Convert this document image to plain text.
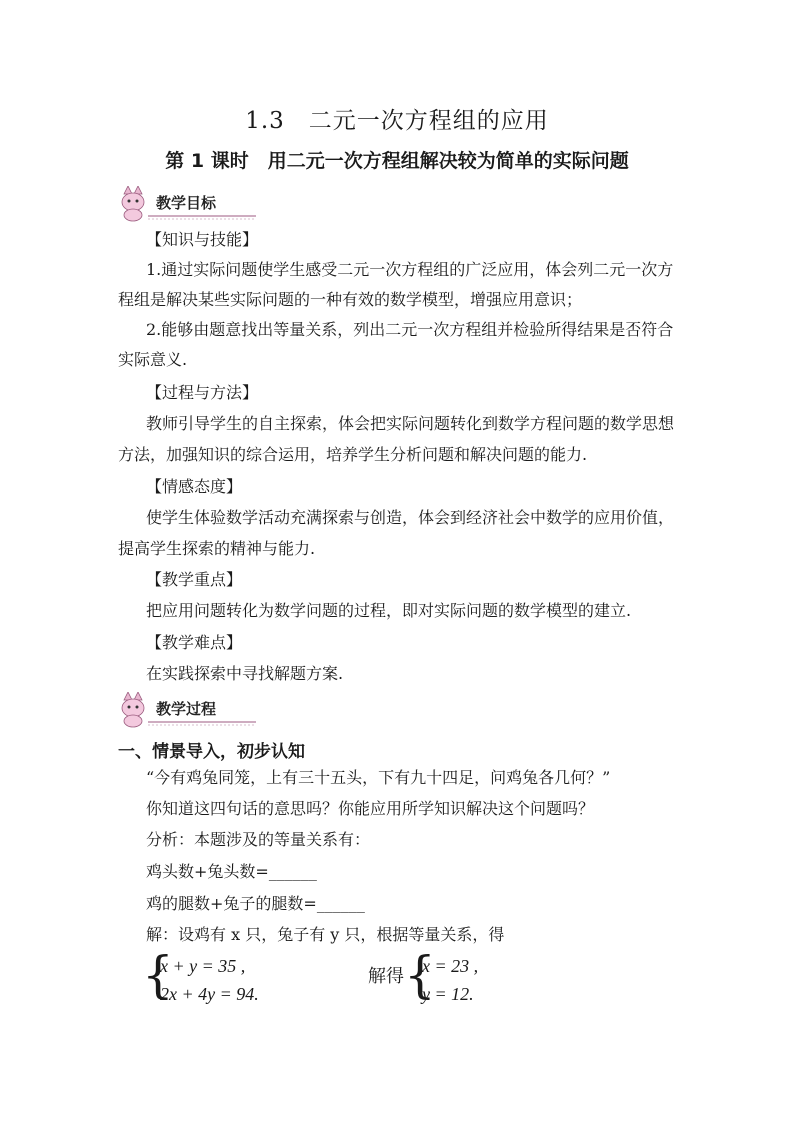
1.3　二元一次方程组的应用
第 1 课时　用二元一次方程组解决较为简单的实际问题
教学目标
【知识与技能】
1.通过实际问题使学生感受二元一次方程组的广泛应用，体会列二元一次方
程组是解决某些实际问题的一种有效的数学模型，增强应用意识；
2.能够由题意找出等量关系，列出二元一次方程组并检验所得结果是否符合
实际意义.
【过程与方法】
教师引导学生的自主探索，体会把实际问题转化到数学方程问题的数学思想
方法，加强知识的综合运用，培养学生分析问题和解决问题的能力.
【情感态度】
使学生体验数学活动充满探索与创造，体会到经济社会中数学的应用价值，
提高学生探索的精神与能力.
【教学重点】
把应用问题转化为数学问题的过程，即对实际问题的数学模型的建立.
【教学难点】
在实践探索中寻找解题方案.
教学过程
一、情景导入，初步认知
“今有鸡兔同笼，上有三十五头，下有九十四足，问鸡兔各几何？”
你知道这四句话的意思吗？你能应用所学知识解决这个问题吗？
分析：本题涉及的等量关系有：
鸡头数+兔头数=______
鸡的腿数+兔子的腿数=______
解：设鸡有 x 只，兔子有 y 只，根据等量关系，得
{
x + y = 35 ,
2x + 4y = 94.
解得 {
x = 23 ,
y = 12.
